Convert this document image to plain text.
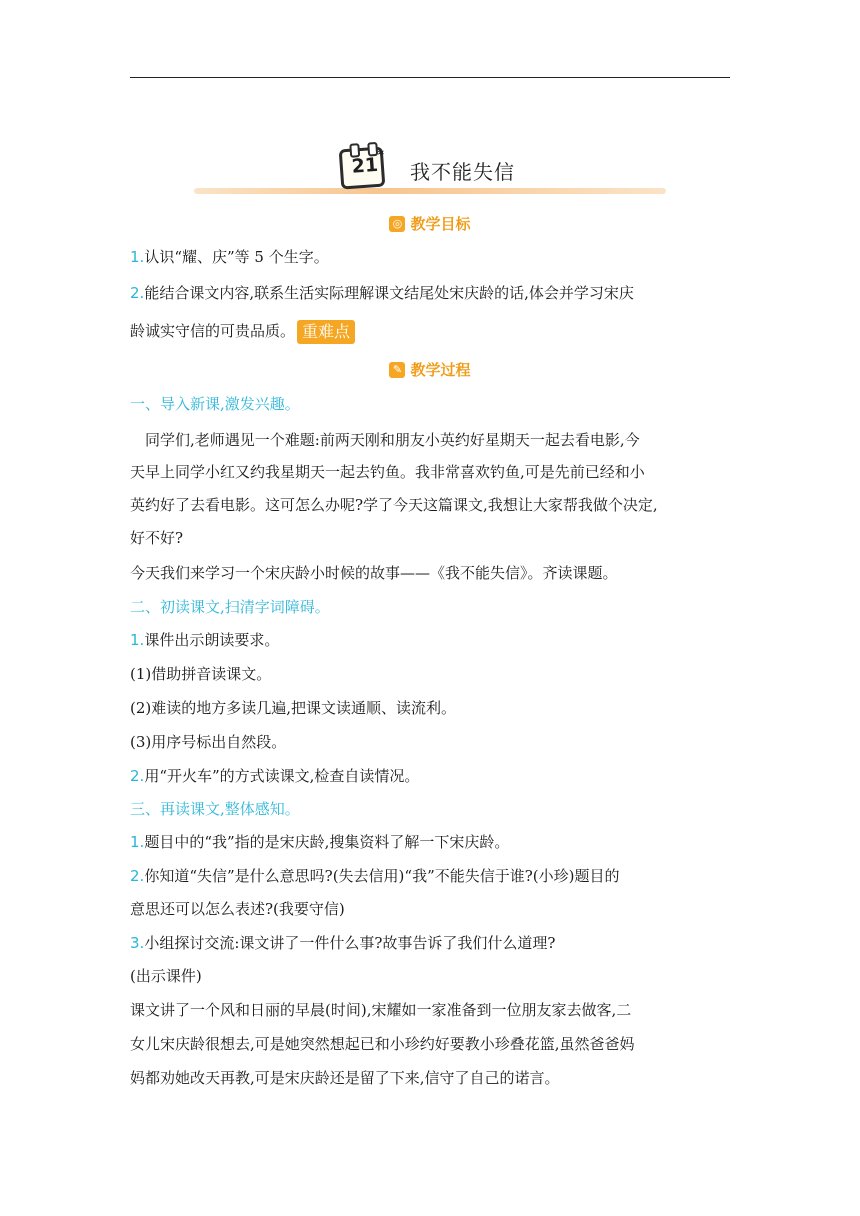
21
*
我不能失信
◎ 教学目标
1.认识“耀、庆”等 5 个生字。
2.能结合课文内容,联系生活实际理解课文结尾处宋庆龄的话,体会并学习宋庆
龄诚实守信的可贵品质。 重难点
✎ 教学过程
一、导入新课,激发兴趣。
　同学们,老师遇见一个难题:前两天刚和朋友小英约好星期天一起去看电影,今
天早上同学小红又约我星期天一起去钓鱼。我非常喜欢钓鱼,可是先前已经和小
英约好了去看电影。这可怎么办呢?学了今天这篇课文,我想让大家帮我做个决定,
好不好?
今天我们来学习一个宋庆龄小时候的故事——《我不能失信》。齐读课题。
二、初读课文,扫清字词障碍。
1.课件出示朗读要求。
(1)借助拼音读课文。
(2)难读的地方多读几遍,把课文读通顺、读流利。
(3)用序号标出自然段。
2.用“开火车”的方式读课文,检查自读情况。
三、再读课文,整体感知。
1.题目中的“我”指的是宋庆龄,搜集资料了解一下宋庆龄。
2.你知道“失信”是什么意思吗?(失去信用)“我”不能失信于谁?(小珍)题目的
意思还可以怎么表述?(我要守信)
3.小组探讨交流:课文讲了一件什么事?故事告诉了我们什么道理?
(出示课件)
课文讲了一个风和日丽的早晨(时间),宋耀如一家准备到一位朋友家去做客,二
女儿宋庆龄很想去,可是她突然想起已和小珍约好要教小珍叠花篮,虽然爸爸妈
妈都劝她改天再教,可是宋庆龄还是留了下来,信守了自己的诺言。
